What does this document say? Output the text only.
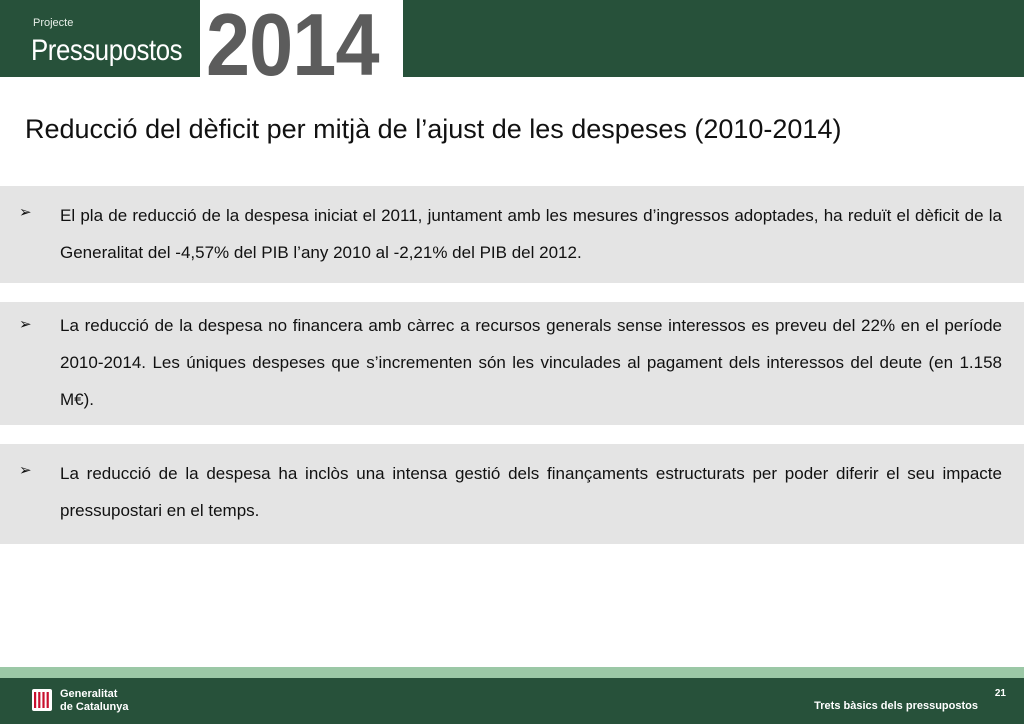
Projecte
Pressupostos 2014
Reducció del dèficit per mitjà de l’ajust de les despeses (2010-2014)
➢ El pla de reducció de la despesa iniciat el 2011, juntament amb les mesures d’ingressos adoptades, ha reduït el dèficit de la Generalitat del -4,57% del PIB l’any 2010 al -2,21% del PIB del 2012.
➢ La reducció de la despesa no financera amb càrrec a recursos generals sense interessos es preveu del 22% en el període 2010-2014. Les úniques despeses que s’incrementen són les vinculades al pagament dels interessos del deute (en 1.158 M€).
➢ La reducció de la despesa ha inclòs una intensa gestió dels finançaments estructurats per poder diferir el seu impacte pressupostari en el temps.
Generalitat
de Catalunya
21
Trets bàsics dels pressupostos
